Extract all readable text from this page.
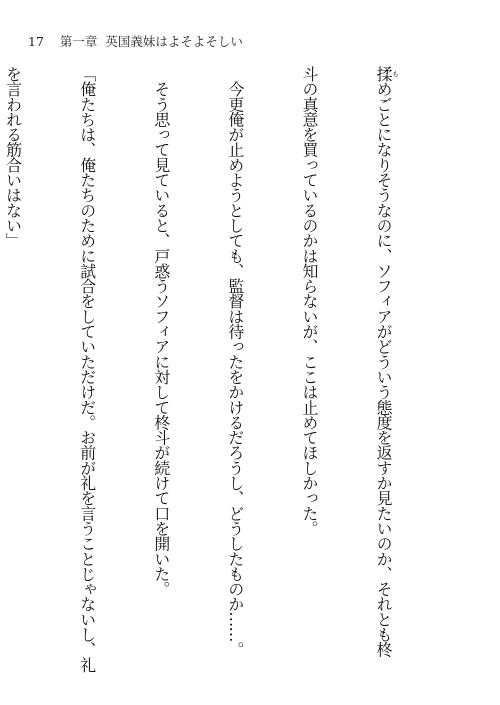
17 第一章 英国義妹はよそよそしい

揉もめごとになりそうなのに、ソフィアがどういう態度を返すか見たいのか、それとも柊

斗の真意を買っているのかは知らないが、ここは止めてほしかった。

　今更俺が止めようとしても、監督は待ったをかけるだろうし、どうしたものか……。

　そう思って見ていると、戸惑うソフィアに対して柊斗が続けて口を開いた。

「俺たちは、俺たちのために試合をしていただけだ。お前が礼を言うことじゃないし、礼

を言われる筋合いはない」
